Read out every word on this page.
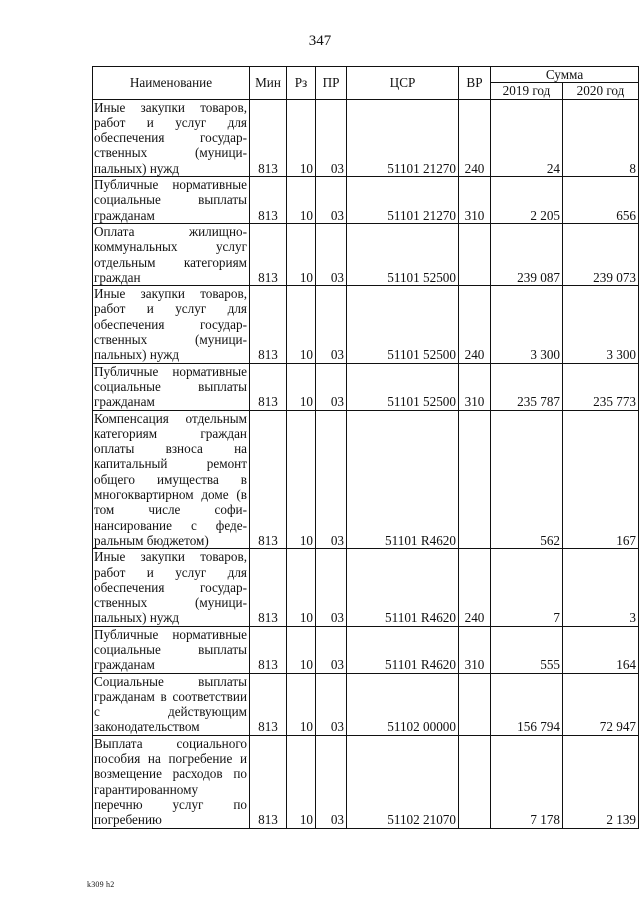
347
Наименование	Мин	Рз	ПР	ЦСР	ВР	Сумма	
						2019 год	2020 год
Иные закупки товаров, работ и услуг для обеспечения государственных (муниципальных) нужд	813	10	03	51101 21270	240	24	8
Публичные нормативные социальные выплаты гражданам	813	10	03	51101 21270	310	2 205	656
Оплата жилищно-коммунальных услуг отдельным категориям граждан	813	10	03	51101 52500		239 087	239 073
Иные закупки товаров, работ и услуг для обеспечения государственных (муниципальных) нужд	813	10	03	51101 52500	240	3 300	3 300
Публичные нормативные социальные выплаты гражданам	813	10	03	51101 52500	310	235 787	235 773
Компенсация отдельным категориям граждан оплаты взноса на капитальный ремонт общего имущества в многоквартирном доме (в том числе софинансирование с федеральным бюджетом)	813	10	03	51101 R4620		562	167
Иные закупки товаров, работ и услуг для обеспечения государственных (муниципальных) нужд	813	10	03	51101 R4620	240	7	3
Публичные нормативные социальные выплаты гражданам	813	10	03	51101 R4620	310	555	164
Социальные выплаты гражданам в соответствии с действующим законодательством	813	10	03	51102 00000		156 794	72 947
Выплата социального пособия на погребение и возмещение расходов по гарантированному перечню услуг по погребению	813	10	03	51102 21070		7 178	2 139
k309 h2
